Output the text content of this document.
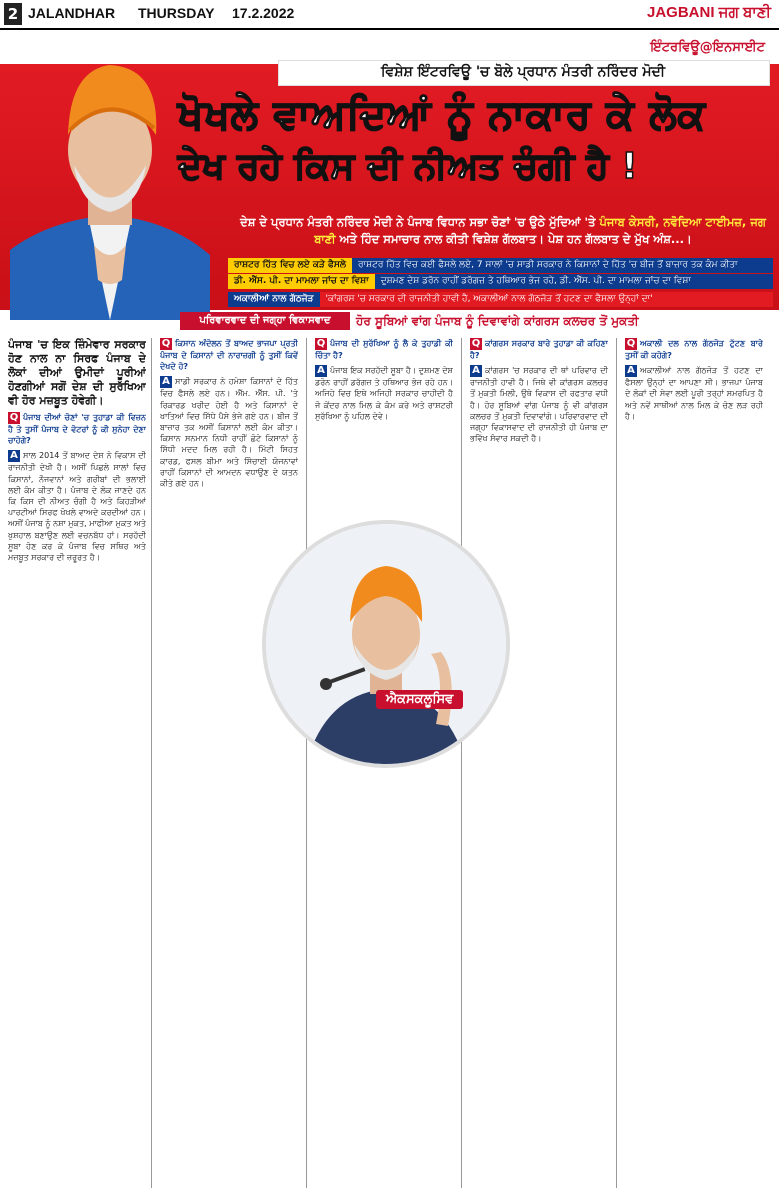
2 JALANDHAR THURSDAY 17.2.2022	JAGBANI ਜਗ ਬਾਣੀ
ਇੰਟਰਵਿਊ@ਇਨਸਾਈਟ
ਵਿਸ਼ੇਸ਼ ਇੰਟਰਵਿਊ 'ਚ ਬੋਲੇ ਪ੍ਰਧਾਨ ਮੰਤਰੀ ਨਰਿੰਦਰ ਮੋਦੀ
ਖੋਖਲੇ ਵਾਅਦਿਆਂ ਨੂੰ ਨਾਕਾਰ ਕੇ ਲੋਕ
ਦੇਖ ਰਹੇ ਕਿਸ ਦੀ ਨੀਅਤ ਚੰਗੀ ਹੈ !
ਦੇਸ਼ ਦੇ ਪ੍ਰਧਾਨ ਮੰਤਰੀ ਨਰਿੰਦਰ ਮੋਦੀ ਨੇ ਪੰਜਾਬ ਵਿਧਾਨ ਸਭਾ ਚੋਣਾਂ 'ਚ ਉਠੇ ਮੁੱਦਿਆਂ 'ਤੇ ਪੰਜਾਬ ਕੇਸਰੀ, ਨਵੋਦਿਆ ਟਾਈਮਜ਼, ਜਗ ਬਾਣੀ ਅਤੇ ਹਿੰਦ ਸਮਾਚਾਰ ਨਾਲ ਕੀਤੀ ਵਿਸ਼ੇਸ਼ ਗੱਲਬਾਤ। ਪੇਸ਼ ਹਨ ਗੱਲਬਾਤ ਦੇ ਮੁੱਖ ਅੰਸ਼...।
ਰਾਸ਼ਟਰ ਹਿੱਤ ਵਿਚ ਲਏ ਕੜੇ ਫੈਸਲੇ ਰਾਸ਼ਟਰ ਹਿੱਤ ਵਿਚ ਕਈ ਫੈਸਲੇ ਲਏ, 7 ਸਾਲਾਂ 'ਚ ਸਾਡੀ ਸਰਕਾਰ ਨੇ ਕਿਸਾਨਾਂ ਦੇ ਹਿੱਤ 'ਚ ਬੀਜ ਤੋਂ ਬਾਜ਼ਾਰ ਤਕ ਕੰਮ ਕੀਤਾ
ਡੀ. ਐੱਸ. ਪੀ. ਦਾ ਮਾਮਲਾ ਜਾਂਚ ਦਾ ਵਿਸ਼ਾ ਦੁਸ਼ਮਣ ਦੇਸ਼ ਡਰੋਨ ਰਾਹੀਂ ਡਰੱਗਜ਼ ਤੇ ਹਥਿਆਰ ਭੇਜ ਰਹੇ, ਡੀ. ਐੱਸ. ਪੀ. ਦਾ ਮਾਮਲਾ ਜਾਂਚ ਦਾ ਵਿਸ਼ਾ
ਅਕਾਲੀਆਂ ਨਾਲ ਗੱਠਜੋੜ 'ਕਾਂਗਰਸ 'ਚ ਸਰਕਾਰ ਦੀ ਰਾਜਨੀਤੀ ਹਾਵੀ ਹੈ, ਅਕਾਲੀਆਂ ਨਾਲ ਗੱਠਜੋੜ ਤੋਂ ਹਟਣ ਦਾ ਫੈਸਲਾ ਉਨ੍ਹਾਂ ਦਾ'
ਪਰਿਵਾਰਵਾਦ ਦੀ ਜਗ੍ਹਾ ਵਿਕਾਸਵਾਦ	ਹੋਰ ਸੂਬਿਆਂ ਵਾਂਗ ਪੰਜਾਬ ਨੂੰ ਦਿਵਾਵਾਂਗੇ ਕਾਂਗਰਸ ਕਲਚਰ ਤੋਂ ਮੁਕਤੀ

ਪੰਜਾਬ 'ਚ ਇਕ ਜ਼ਿੰਮੇਵਾਰ ਸਰਕਾਰ ਹੋਣ ਨਾਲ ਨਾ ਸਿਰਫ ਪੰਜਾਬ ਦੇ ਲੋਕਾਂ ਦੀਆਂ ਉਮੀਦਾਂ ਪੂਰੀਆਂ ਹੋਣਗੀਆਂ ਸਗੋਂ ਦੇਸ਼ ਦੀ ਸੁਰੱਖਿਆ ਵੀ ਹੋਰ ਮਜ਼ਬੂਤ ਹੋਵੇਗੀ।

Q ਪੰਜਾਬ ਦੀਆਂ ਚੋਣਾਂ 'ਚ ਤੁਹਾਡਾ ਕੀ ਵਿਜ਼ਨ ਹੈ ਤੇ ਤੁਸੀਂ ਪੰਜਾਬ ਦੇ ਵੋਟਰਾਂ ਨੂੰ ਕੀ ਸੁਨੇਹਾ ਦੇਣਾ ਚਾਹੋਗੇ?

A ਸਾਲ 2014 ਤੋਂ ਬਾਅਦ ਦੇਸ਼ ਨੇ ਵਿਕਾਸ ਦੀ ਰਾਜਨੀਤੀ ਦੇਖੀ ਹੈ। ਅਸੀਂ ਪਿਛਲੇ ਸਾਲਾਂ ਵਿਚ ਕਿਸਾਨਾਂ, ਨੌਜਵਾਨਾਂ ਅਤੇ ਗਰੀਬਾਂ ਦੀ ਭਲਾਈ ਲਈ ਕੰਮ ਕੀਤਾ ਹੈ। ਪੰਜਾਬ ਦੇ ਲੋਕ ਜਾਣਦੇ ਹਨ ਕਿ ਕਿਸ ਦੀ ਨੀਅਤ ਚੰਗੀ ਹੈ ਅਤੇ ਕਿਹੜੀਆਂ ਪਾਰਟੀਆਂ ਸਿਰਫ ਖੋਖਲੇ ਵਾਅਦੇ ਕਰਦੀਆਂ ਹਨ। ਅਸੀਂ ਪੰਜਾਬ ਨੂੰ ਨਸ਼ਾ ਮੁਕਤ, ਮਾਫੀਆ ਮੁਕਤ ਅਤੇ ਖੁਸ਼ਹਾਲ ਬਣਾਉਣ ਲਈ ਵਚਨਬੱਧ ਹਾਂ। ਸਰਹੱਦੀ ਸੂਬਾ ਹੋਣ ਕਰ ਕੇ ਪੰਜਾਬ ਵਿਚ ਸਥਿਰ ਅਤੇ ਮਜ਼ਬੂਤ ਸਰਕਾਰ ਦੀ ਜ਼ਰੂਰਤ ਹੈ।

Q ਕਿਸਾਨ ਅੰਦੋਲਨ ਤੋਂ ਬਾਅਦ ਭਾਜਪਾ ਪ੍ਰਤੀ ਪੰਜਾਬ ਦੇ ਕਿਸਾਨਾਂ ਦੀ ਨਾਰਾਜ਼ਗੀ ਨੂੰ ਤੁਸੀਂ ਕਿਵੇਂ ਦੇਖਦੇ ਹੋ?

A ਸਾਡੀ ਸਰਕਾਰ ਨੇ ਹਮੇਸ਼ਾ ਕਿਸਾਨਾਂ ਦੇ ਹਿੱਤ ਵਿਚ ਫੈਸਲੇ ਲਏ ਹਨ। ਐੱਮ. ਐੱਸ. ਪੀ. 'ਤੇ ਰਿਕਾਰਡ ਖਰੀਦ ਹੋਈ ਹੈ ਅਤੇ ਕਿਸਾਨਾਂ ਦੇ ਖਾਤਿਆਂ ਵਿਚ ਸਿੱਧੇ ਪੈਸੇ ਭੇਜੇ ਗਏ ਹਨ। ਬੀਜ ਤੋਂ ਬਾਜ਼ਾਰ ਤਕ ਅਸੀਂ ਕਿਸਾਨਾਂ ਲਈ ਕੰਮ ਕੀਤਾ। ਕਿਸਾਨ ਸਨਮਾਨ ਨਿਧੀ ਰਾਹੀਂ ਛੋਟੇ ਕਿਸਾਨਾਂ ਨੂੰ ਸਿੱਧੀ ਮਦਦ ਮਿਲ ਰਹੀ ਹੈ। ਮਿੱਟੀ ਸਿਹਤ ਕਾਰਡ, ਫਸਲ ਬੀਮਾ ਅਤੇ ਸਿੰਚਾਈ ਯੋਜਨਾਵਾਂ ਰਾਹੀਂ ਕਿਸਾਨਾਂ ਦੀ ਆਮਦਨ ਵਧਾਉਣ ਦੇ ਯਤਨ ਕੀਤੇ ਗਏ ਹਨ।

Q ਪੰਜਾਬ ਦੀ ਸੁਰੱਖਿਆ ਨੂੰ ਲੈ ਕੇ ਤੁਹਾਡੀ ਕੀ ਚਿੰਤਾ ਹੈ?

A ਪੰਜਾਬ ਇਕ ਸਰਹੱਦੀ ਸੂਬਾ ਹੈ। ਦੁਸ਼ਮਣ ਦੇਸ਼ ਡਰੋਨ ਰਾਹੀਂ ਡਰੱਗਜ਼ ਤੇ ਹਥਿਆਰ ਭੇਜ ਰਹੇ ਹਨ। ਅਜਿਹੇ ਵਿਚ ਇਥੇ ਅਜਿਹੀ ਸਰਕਾਰ ਚਾਹੀਦੀ ਹੈ ਜੋ ਕੇਂਦਰ ਨਾਲ ਮਿਲ ਕੇ ਕੰਮ ਕਰੇ ਅਤੇ ਰਾਸ਼ਟਰੀ ਸੁਰੱਖਿਆ ਨੂੰ ਪਹਿਲ ਦੇਵੇ।

Q ਕਾਂਗਰਸ ਸਰਕਾਰ ਬਾਰੇ ਤੁਹਾਡਾ ਕੀ ਕਹਿਣਾ ਹੈ?

A ਕਾਂਗਰਸ 'ਚ ਸਰਕਾਰ ਦੀ ਥਾਂ ਪਰਿਵਾਰ ਦੀ ਰਾਜਨੀਤੀ ਹਾਵੀ ਹੈ। ਜਿਥੇ ਵੀ ਕਾਂਗਰਸ ਕਲਚਰ ਤੋਂ ਮੁਕਤੀ ਮਿਲੀ, ਉਥੇ ਵਿਕਾਸ ਦੀ ਰਫਤਾਰ ਵਧੀ ਹੈ। ਹੋਰ ਸੂਬਿਆਂ ਵਾਂਗ ਪੰਜਾਬ ਨੂੰ ਵੀ ਕਾਂਗਰਸ ਕਲਚਰ ਤੋਂ ਮੁਕਤੀ ਦਿਵਾਵਾਂਗੇ। ਪਰਿਵਾਰਵਾਦ ਦੀ ਜਗ੍ਹਾ ਵਿਕਾਸਵਾਦ ਦੀ ਰਾਜਨੀਤੀ ਹੀ ਪੰਜਾਬ ਦਾ ਭਵਿੱਖ ਸੰਵਾਰ ਸਕਦੀ ਹੈ।

Q ਅਕਾਲੀ ਦਲ ਨਾਲ ਗੱਠਜੋੜ ਟੁੱਟਣ ਬਾਰੇ ਤੁਸੀਂ ਕੀ ਕਹੋਗੇ?

A ਅਕਾਲੀਆਂ ਨਾਲ ਗੱਠਜੋੜ ਤੋਂ ਹਟਣ ਦਾ ਫੈਸਲਾ ਉਨ੍ਹਾਂ ਦਾ ਆਪਣਾ ਸੀ। ਭਾਜਪਾ ਪੰਜਾਬ ਦੇ ਲੋਕਾਂ ਦੀ ਸੇਵਾ ਲਈ ਪੂਰੀ ਤਰ੍ਹਾਂ ਸਮਰਪਿਤ ਹੈ ਅਤੇ ਨਵੇਂ ਸਾਥੀਆਂ ਨਾਲ ਮਿਲ ਕੇ ਚੋਣ ਲੜ ਰਹੀ ਹੈ।

ਐਕਸਕਲੂਸਿਵ
